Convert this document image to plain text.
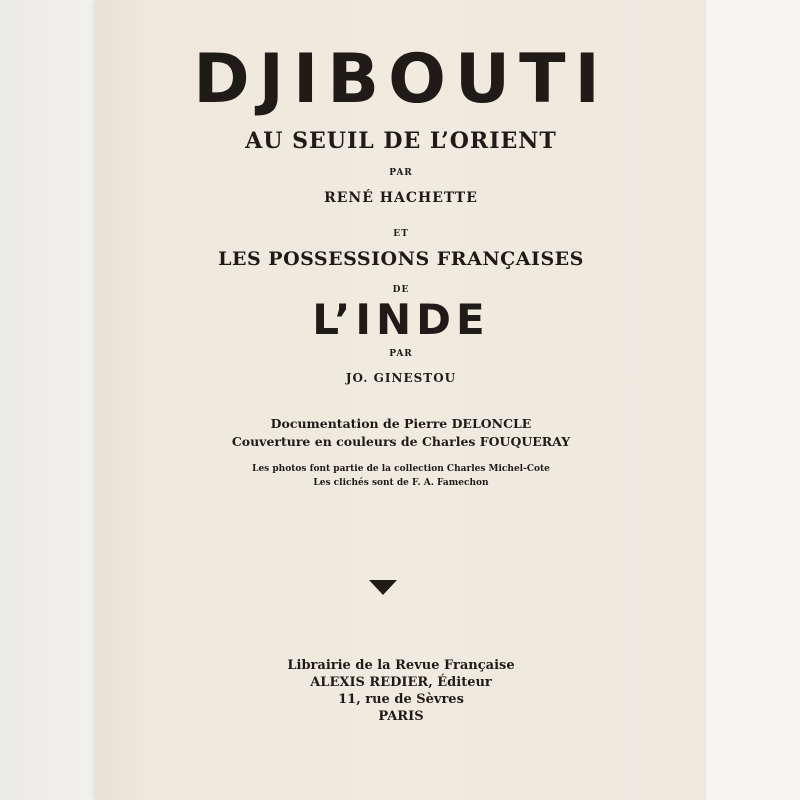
DJIBOUTI
AU SEUIL DE L’ORIENT
PAR
RENÉ HACHETTE
ET
LES POSSESSIONS FRANÇAISES
DE
L’INDE
PAR
JO. GINESTOU
Documentation de Pierre DELONCLE
Couverture en couleurs de Charles FOUQUERAY
Les photos font partie de la collection Charles Michel-Cote
Les clichés sont de F. A. Famechon
Librairie de la Revue Française
ALEXIS REDIER, Éditeur
11, rue de Sèvres
PARIS
